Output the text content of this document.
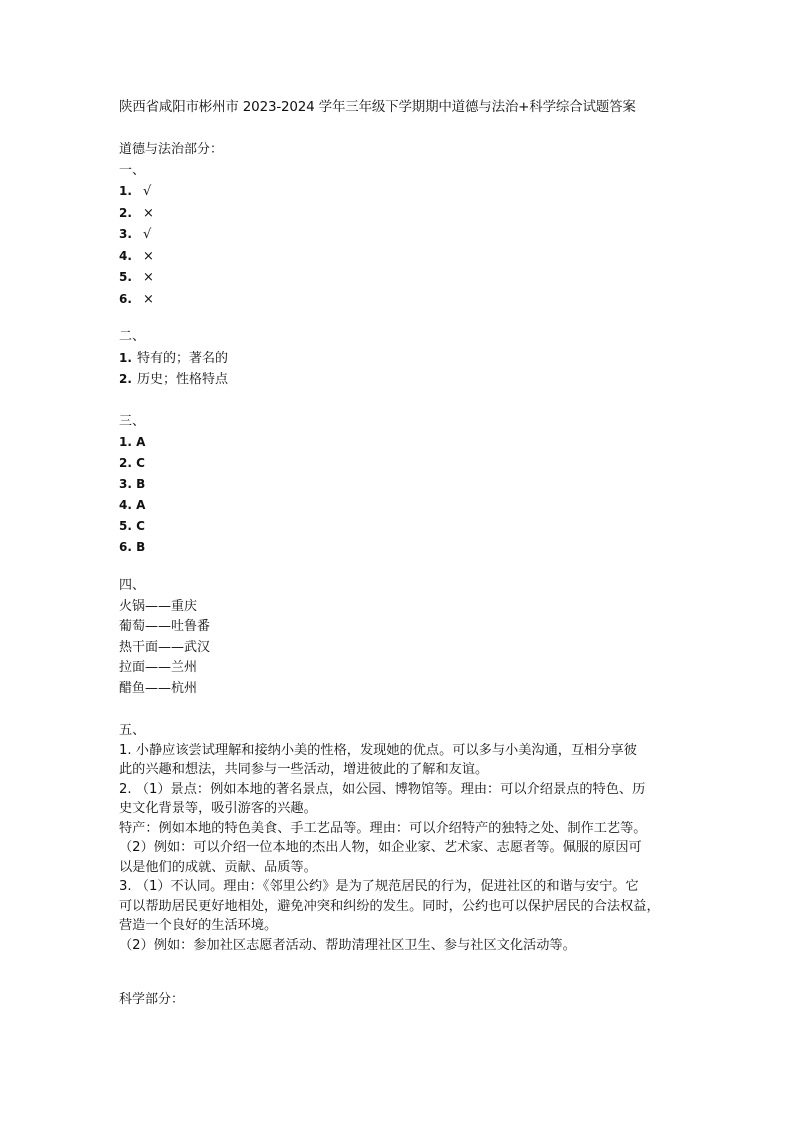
陕西省咸阳市彬州市 2023-2024 学年三年级下学期期中道德与法治+科学综合试题答案
道德与法治部分：
一、
1. √
2. ×
3. √
4. ×
5. ×
6. ×
二、
1. 特有的；著名的
2. 历史；性格特点
三、
1. A
2. C
3. B
4. A
5. C
6. B
四、
火锅——重庆
葡萄——吐鲁番
热干面——武汉
拉面——兰州
醋鱼——杭州
五、
1. 小静应该尝试理解和接纳小美的性格，发现她的优点。可以多与小美沟通，互相分享彼
此的兴趣和想法，共同参与一些活动，增进彼此的了解和友谊。
2. （1）景点：例如本地的著名景点，如公园、博物馆等。理由：可以介绍景点的特色、历
史文化背景等，吸引游客的兴趣。
特产：例如本地的特色美食、手工艺品等。理由：可以介绍特产的独特之处、制作工艺等。
（2）例如：可以介绍一位本地的杰出人物，如企业家、艺术家、志愿者等。佩服的原因可
以是他们的成就、贡献、品质等。
3. （1）不认同。理由：《邻里公约》是为了规范居民的行为，促进社区的和谐与安宁。它
可以帮助居民更好地相处，避免冲突和纠纷的发生。同时，公约也可以保护居民的合法权益，
营造一个良好的生活环境。
（2）例如：参加社区志愿者活动、帮助清理社区卫生、参与社区文化活动等。
科学部分：
